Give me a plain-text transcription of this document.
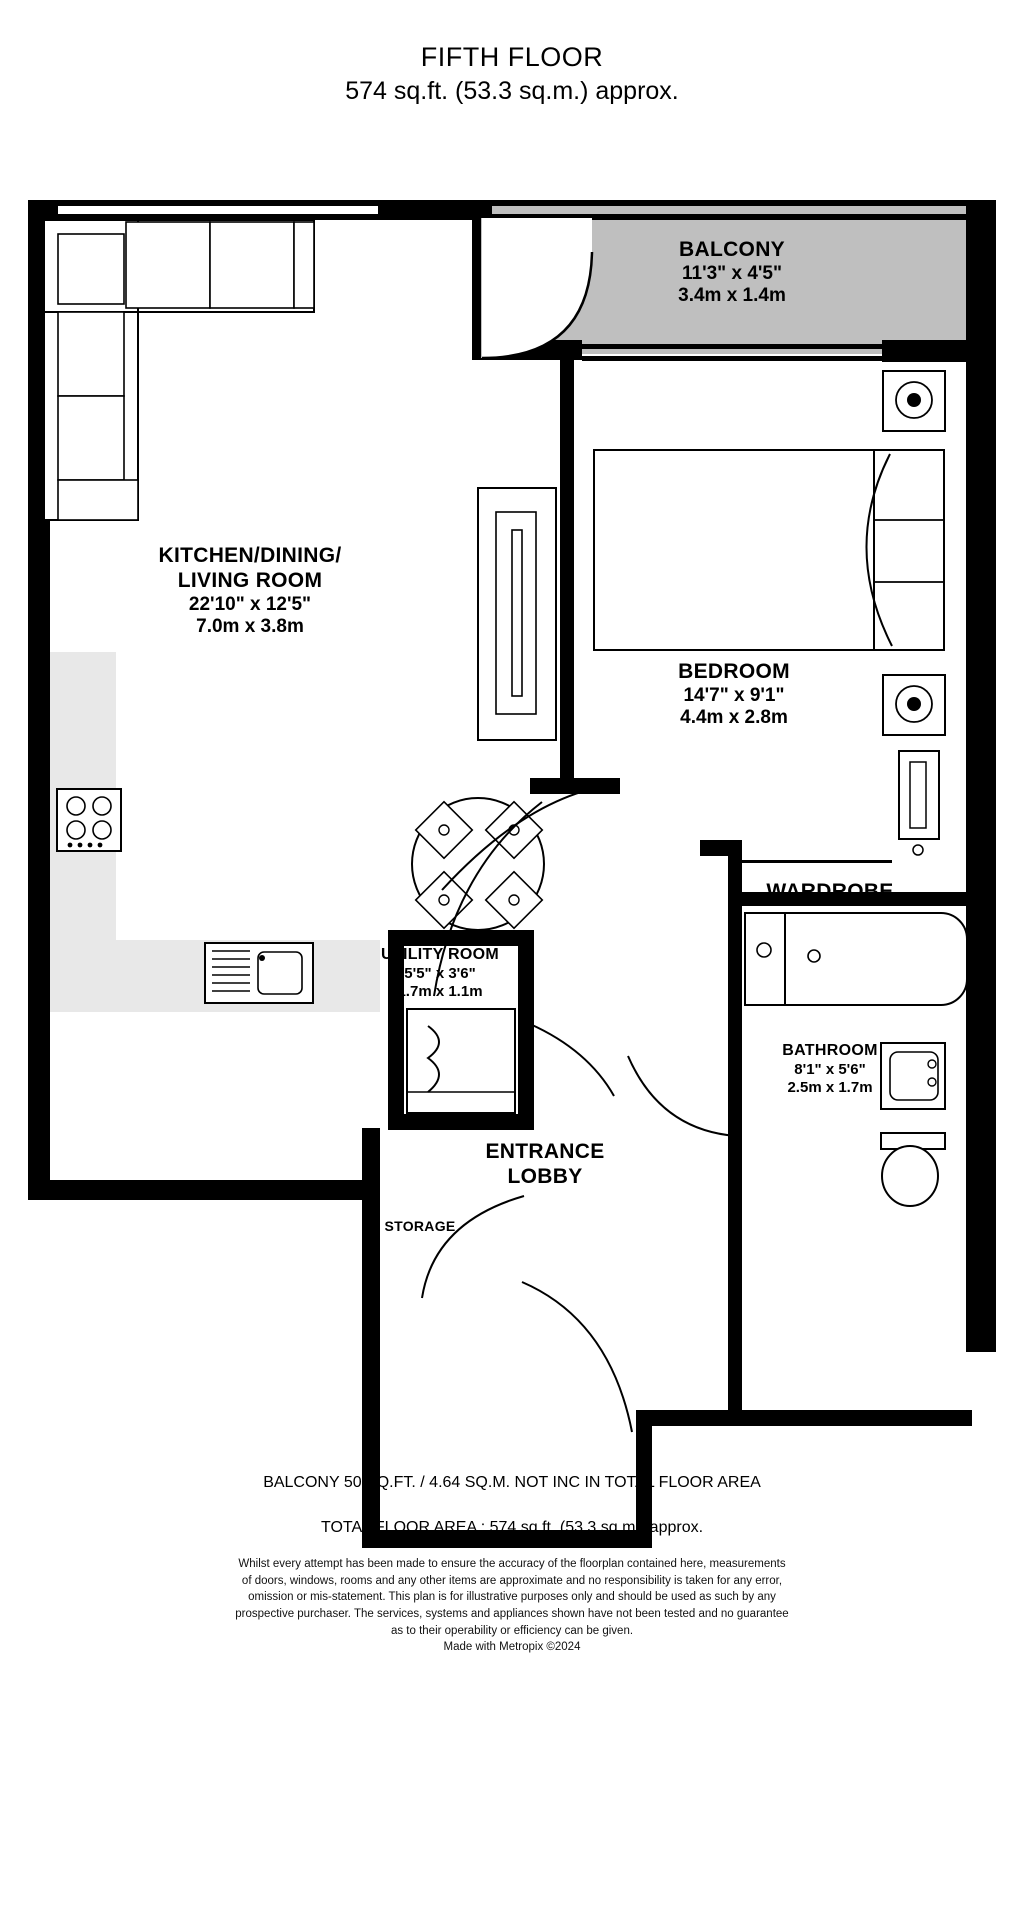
FIFTH FLOOR
574 sq.ft. (53.3 sq.m.) approx.
BALCONY
11'3" x 4'5"
3.4m x 1.4m
KITCHEN/DINING/
LIVING ROOM
22'10" x 12'5"
7.0m x 3.8m
BEDROOM
14'7" x 9'1"
4.4m x 2.8m
WARDROBE
UTILITY ROOM
5'5" x 3'6"
1.7m x 1.1m
BATHROOM
8'1" x 5'6"
2.5m x 1.7m
ENTRANCE
LOBBY
STORAGE
BALCONY 50 SQ.FT. / 4.64 SQ.M. NOT INC IN TOTAL FLOOR AREA
TOTAL FLOOR AREA : 574 sq.ft. (53.3 sq.m.) approx.
Whilst every attempt has been made to ensure the accuracy of the floorplan contained here, measurements
of doors, windows, rooms and any other items are approximate and no responsibility is taken for any error,
omission or mis-statement. This plan is for illustrative purposes only and should be used as such by any
prospective purchaser. The services, systems and appliances shown have not been tested and no guarantee
as to their operability or efficiency can be given.
Made with Metropix ©2024
